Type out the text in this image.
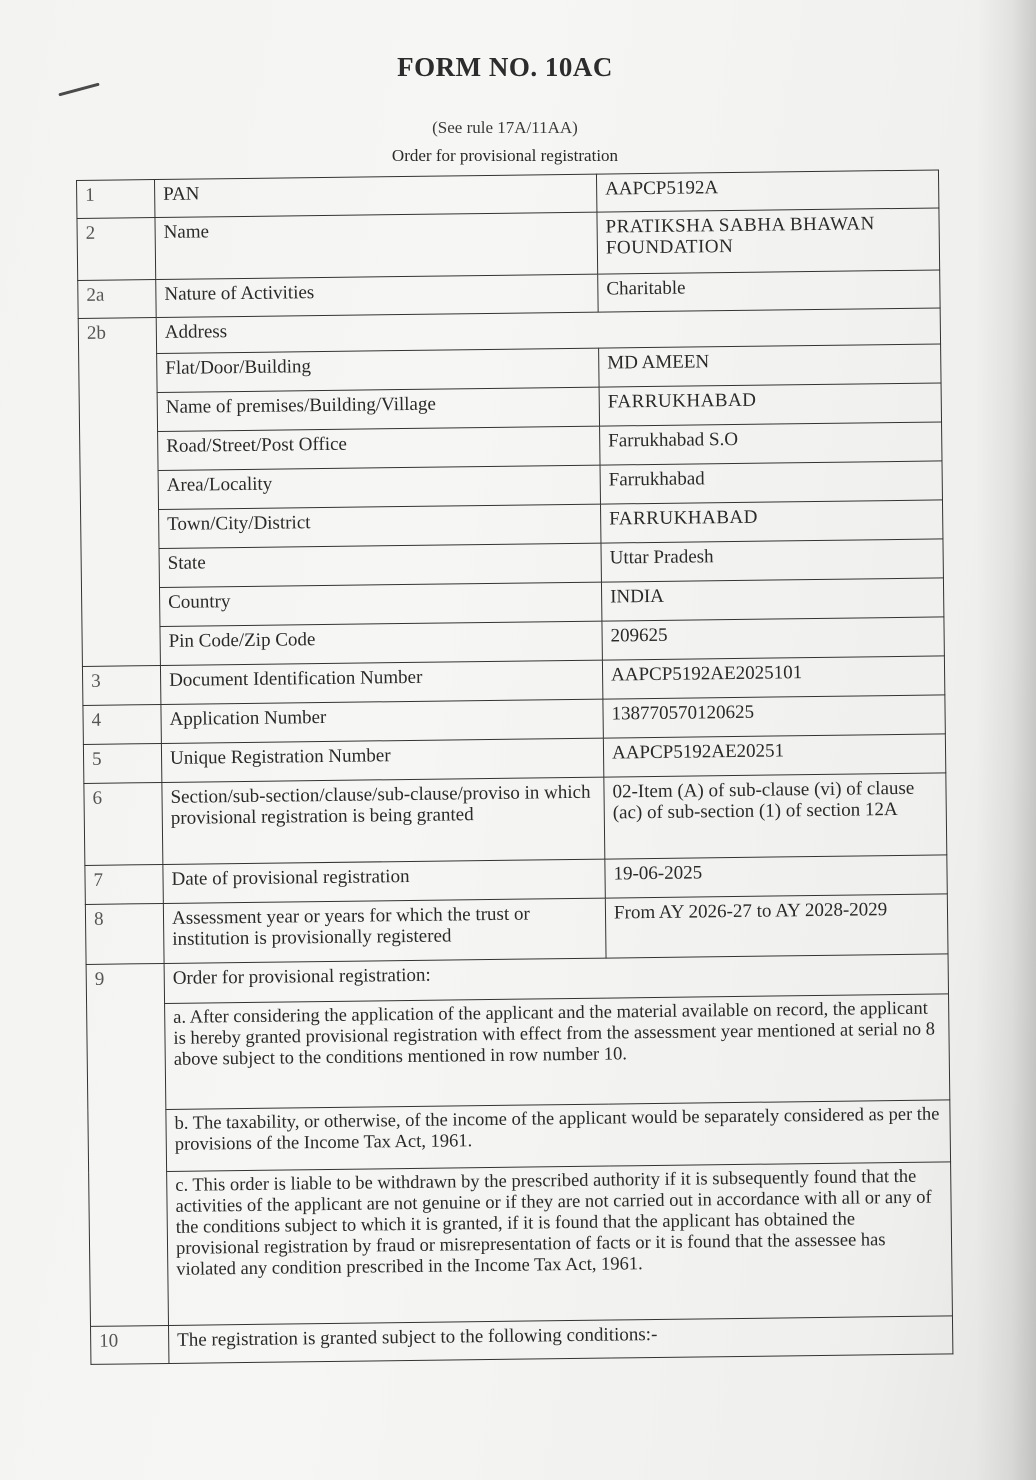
FORM NO. 10AC
(See rule 17A/11AA)
Order for provisional registration
1	PAN	AAPCP5192A
2	Name	PRATIKSHA SABHA BHAWAN FOUNDATION
2a	Nature of Activities	Charitable
2b	Address	
	Flat/Door/Building	MD AMEEN
	Name of premises/Building/Village	FARRUKHABAD
	Road/Street/Post Office	Farrukhabad S.O
	Area/Locality	Farrukhabad
	Town/City/District	FARRUKHABAD
	State	Uttar Pradesh
	Country	INDIA
	Pin Code/Zip Code	209625
3	Document Identification Number	AAPCP5192AE2025101
4	Application Number	138770570120625
5	Unique Registration Number	AAPCP5192AE20251
6	Section/sub-section/clause/sub-clause/proviso in which provisional registration is being granted	02-Item (A) of sub-clause (vi) of clause (ac) of sub-section (1) of section 12A
7	Date of provisional registration	19-06-2025
8	Assessment year or years for which the trust or institution is provisionally registered	From AY 2026-27 to AY 2028-2029
9	Order for provisional registration:	
	a. After considering the application of the applicant and the material available on record, the applicant is hereby granted provisional registration with effect from the assessment year mentioned at serial no 8 above subject to the conditions mentioned in row number 10.	
	b. The taxability, or otherwise, of the income of the applicant would be separately considered as per the provisions of the Income Tax Act, 1961.	
	c. This order is liable to be withdrawn by the prescribed authority if it is subsequently found that the activities of the applicant are not genuine or if they are not carried out in accordance with all or any of the conditions subject to which it is granted, if it is found that the applicant has obtained the provisional registration by fraud or misrepresentation of facts or it is found that the assessee has violated any condition prescribed in the Income Tax Act, 1961.	
10	The registration is granted subject to the following conditions:-	
